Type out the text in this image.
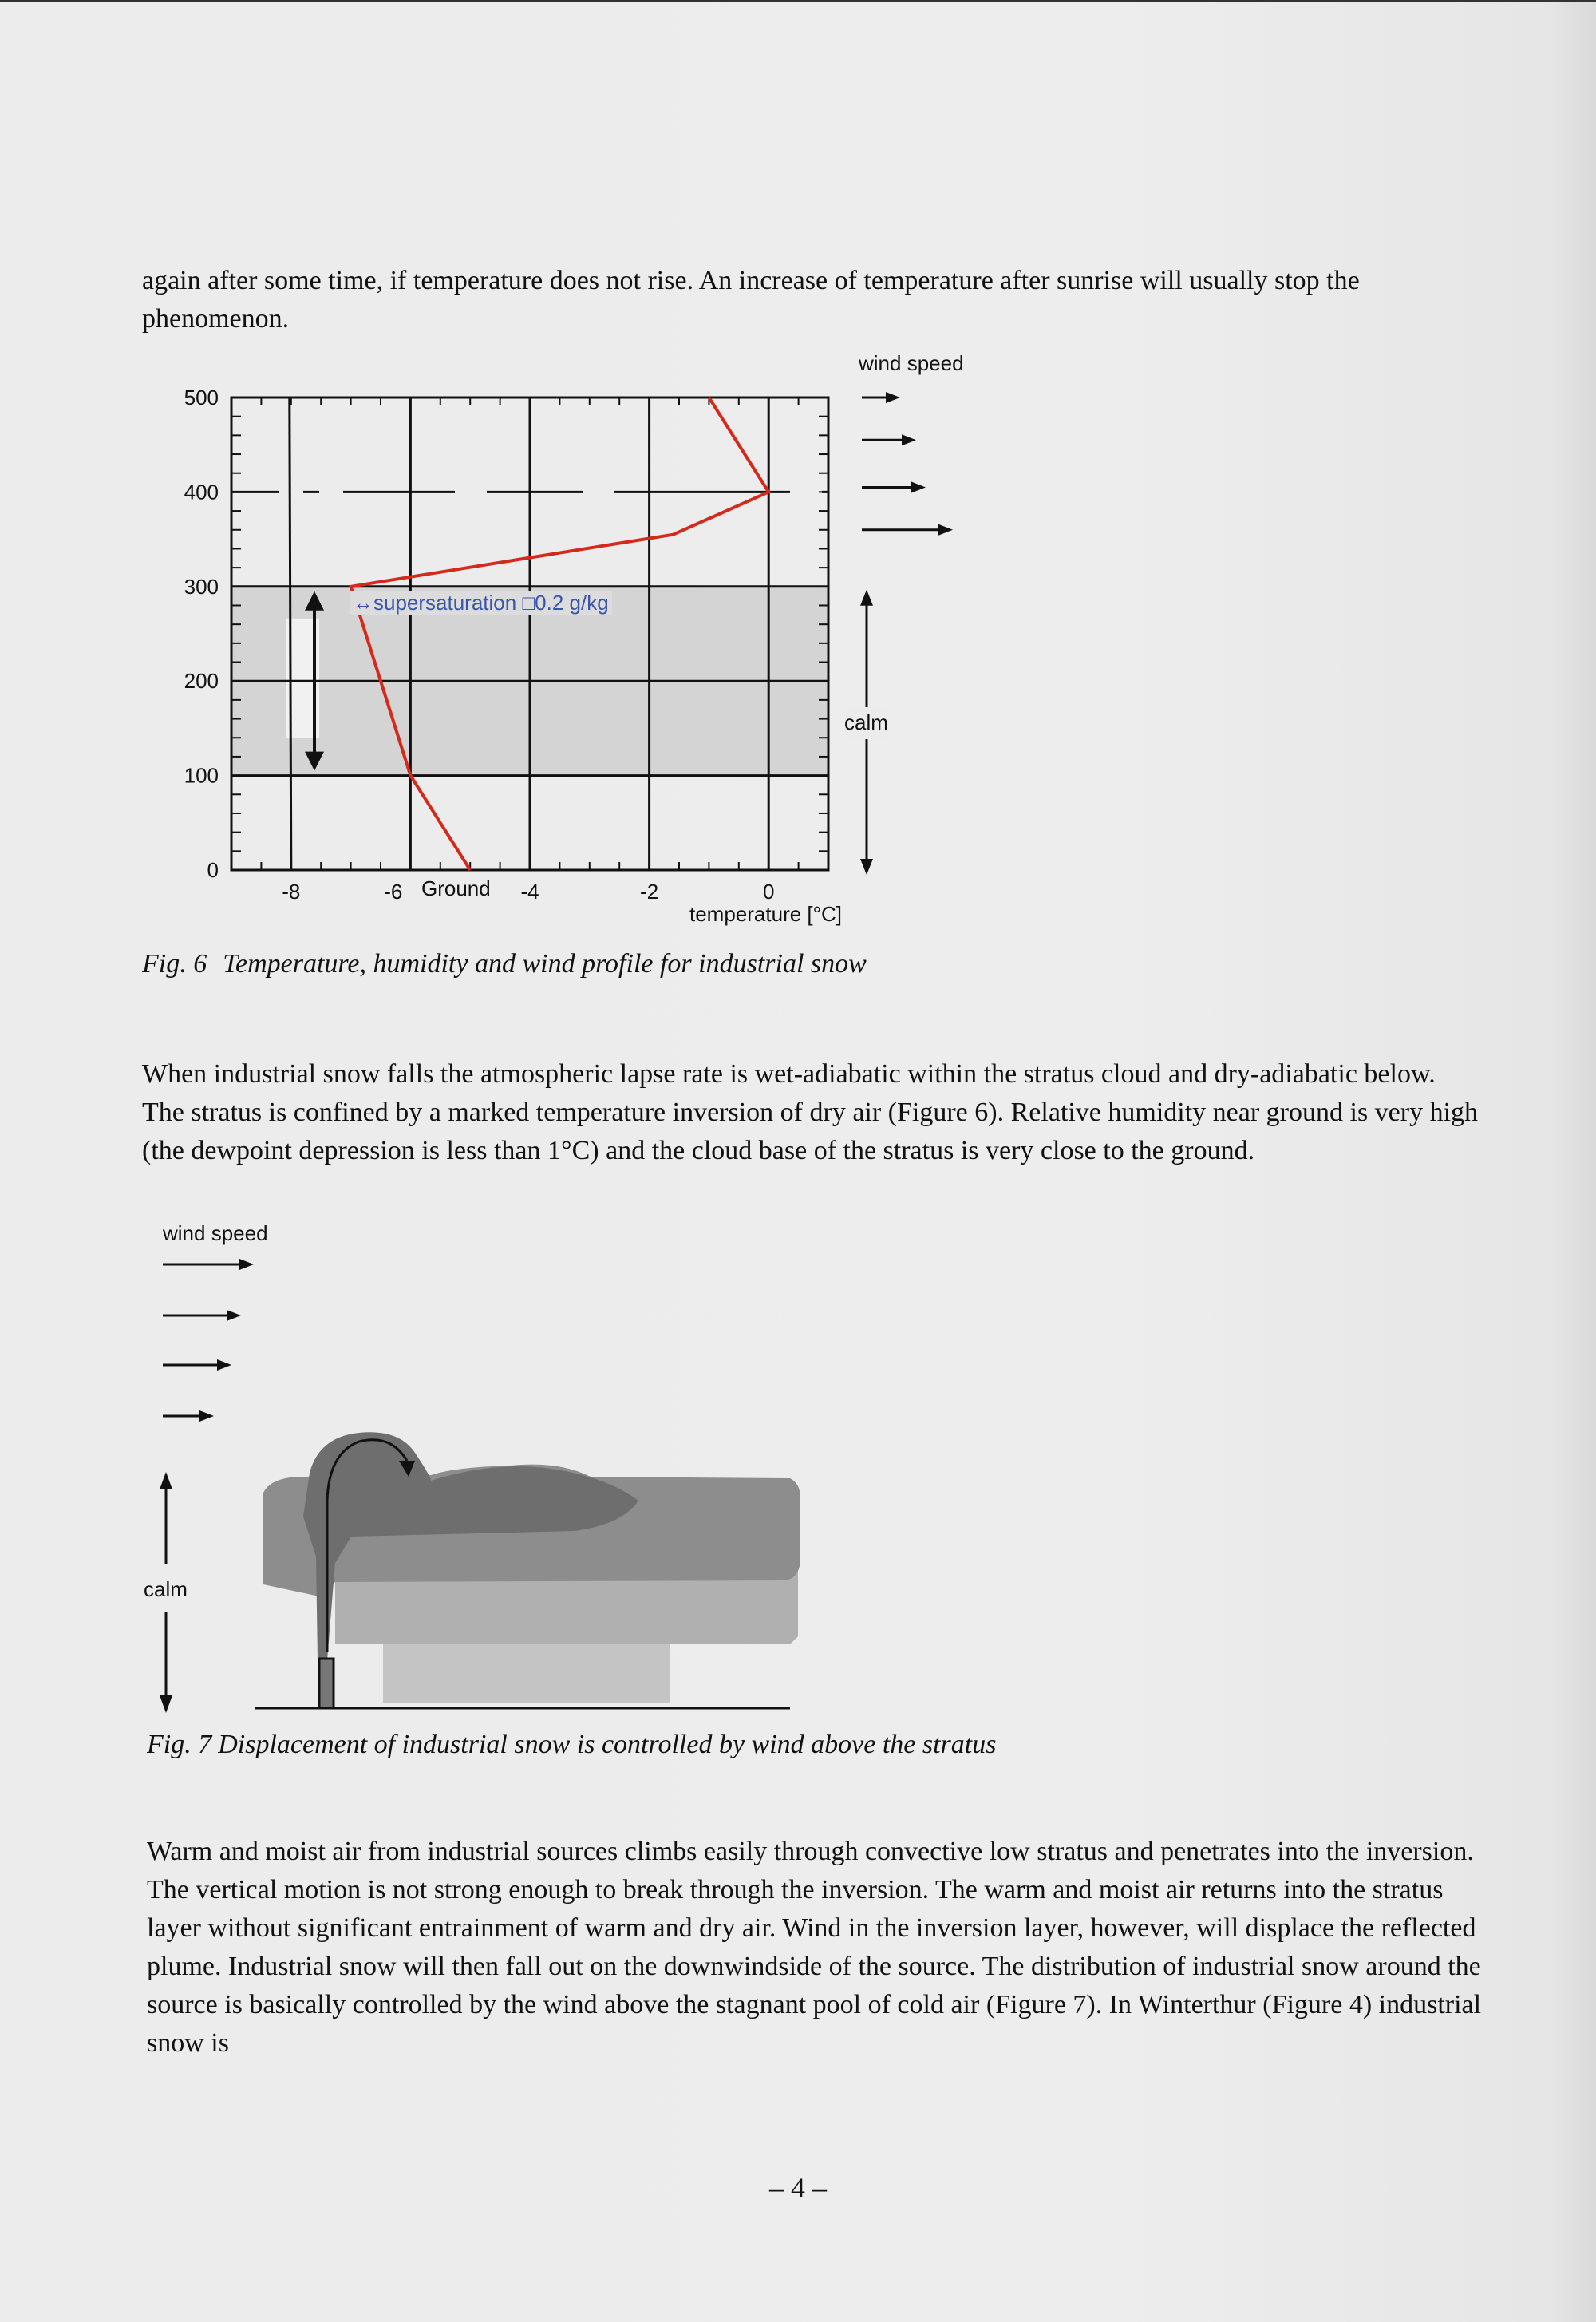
again after some time, if temperature does not rise. An increase of temperature after sunrise will usually stop the phenomenon.

500
400
300
200
100
0
-8	-6	-4	-2	0
wind speed
calm
Ground
temperature [°C]
↔supersaturation □0.2 g/kg

Fig. 6 Temperature, humidity and wind profile for industrial snow

When industrial snow falls the atmospheric lapse rate is wet-adiabatic within the stratus cloud and dry-adiabatic below. The stratus is confined by a marked temperature inversion of dry air (Figure 6). Relative humidity near ground is very high (the dewpoint depression is less than 1°C) and the cloud base of the stratus is very close to the ground.

wind speed
calm

Fig. 7 Displacement of industrial snow is controlled by wind above the stratus

Warm and moist air from industrial sources climbs easily through convective low stratus and penetrates into the inversion. The vertical motion is not strong enough to break through the inversion. The warm and moist air returns into the stratus layer without significant entrainment of warm and dry air. Wind in the inversion layer, however, will displace the reflected plume. Industrial snow will then fall out on the downwindside of the source. The distribution of industrial snow around the source is basically controlled by the wind above the stagnant pool of cold air (Figure 7). In Winterthur (Figure 4) industrial snow is

– 4 –
